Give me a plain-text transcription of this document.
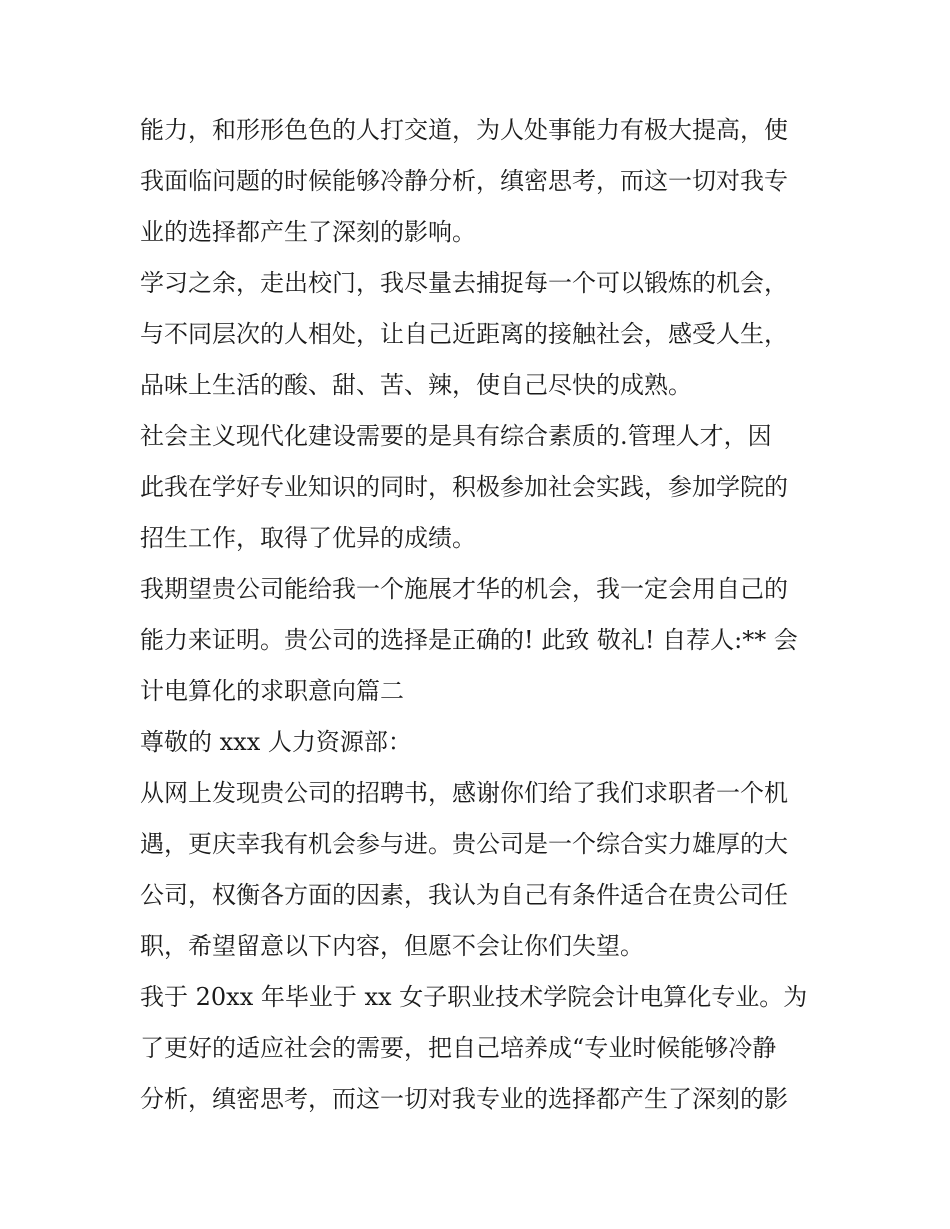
能力，和形形色色的人打交道，为人处事能力有极大提高，使
我面临问题的时候能够冷静分析，缜密思考，而这一切对我专
业的选择都产生了深刻的影响。
学习之余，走出校门，我尽量去捕捉每一个可以锻炼的机会，
与不同层次的人相处，让自己近距离的接触社会，感受人生，
品味上生活的酸、甜、苦、辣，使自己尽快的成熟。
社会主义现代化建设需要的是具有综合素质的.管理人才，因
此我在学好专业知识的同时，积极参加社会实践，参加学院的
招生工作，取得了优异的成绩。
我期望贵公司能给我一个施展才华的机会，我一定会用自己的
能力来证明。贵公司的选择是正确的! 此致 敬礼! 自荐人:** 会
计电算化的求职意向篇二
尊敬的 xxx 人力资源部：
从网上发现贵公司的招聘书，感谢你们给了我们求职者一个机
遇，更庆幸我有机会参与进。贵公司是一个综合实力雄厚的大
公司，权衡各方面的因素，我认为自己有条件适合在贵公司任
职，希望留意以下内容，但愿不会让你们失望。
我于 20xx 年毕业于 xx 女子职业技术学院会计电算化专业。为
了更好的适应社会的需要，把自己培养成“专业时候能够冷静
分析，缜密思考，而这一切对我专业的选择都产生了深刻的影
